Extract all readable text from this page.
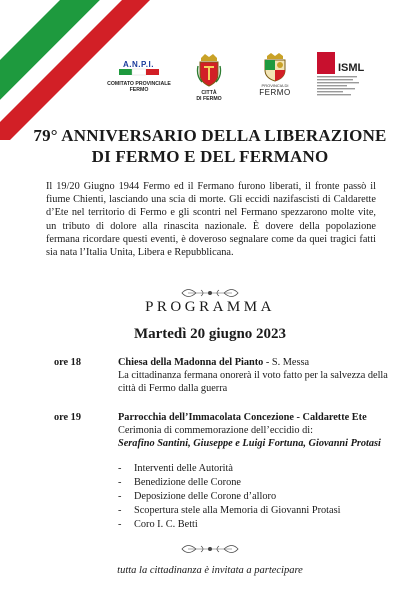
A.N.P.I.
COMITATO PROVINCIALE
FERMO	CITTÀ
DI FERMO
PROVINCIA DI
FERMO
ISML
79° ANNIVERSARIO DELLA LIBERAZIONE
DI FERMO E DEL FERMANO
Il 19/20 Giugno 1944 Fermo ed il Fermano furono liberati, il fronte passò il fiume Chienti, lasciando una scia di morte. Gli eccidi nazifascisti di Caldarette d’Ete nel territorio di Fermo e gli scontri nel Fermano spezzarono molte vite, un tributo di dolore alla rinascita nazionale. È dovere della popolazione fermana ricordare questi eventi, è doveroso segnalare come da quei tragici fatti sia nata l’Italia Unita, Libera e Repubblicana.
PROGRAMMA
Martedì 20 giugno 2023
ore 18	Chiesa della Madonna del Pianto - S. Messa
La cittadinanza fermana onorerà il voto fatto per la salvezza della città di Fermo dalla guerra
ore 19	Parrocchia dell’Immacolata Concezione - Caldarette Ete
Cerimonia di commemorazione dell’eccidio di:
Serafino Santini, Giuseppe e Luigi Fortuna, Giovanni Protasi
- Interventi delle Autorità
- Benedizione delle Corone
- Deposizione delle Corone d’alloro
- Scopertura stele alla Memoria di Giovanni Protasi
- Coro I. C. Betti
tutta la cittadinanza è invitata a partecipare
